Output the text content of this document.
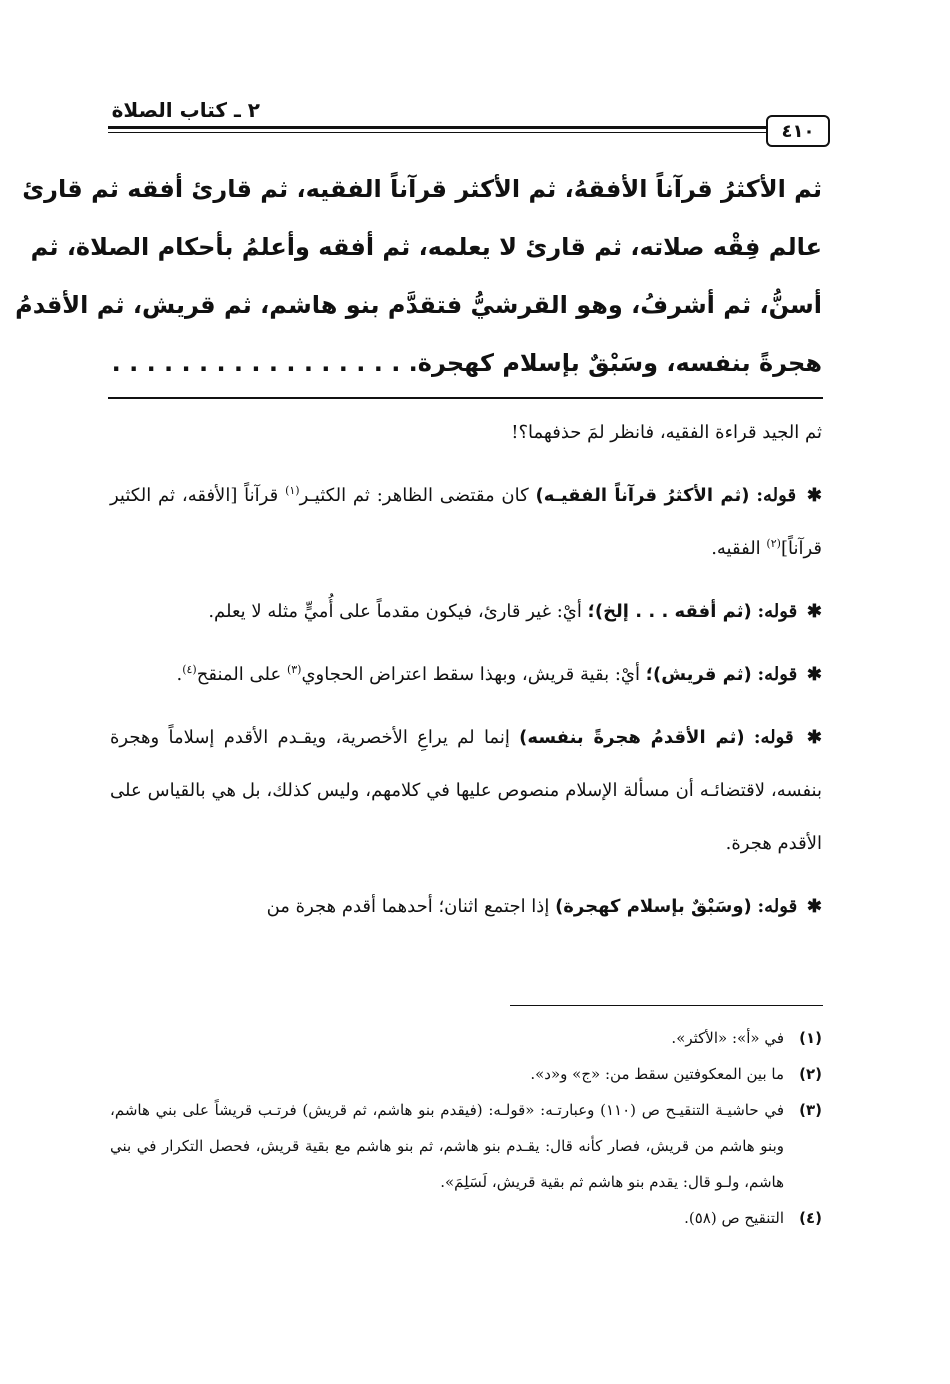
٢ ـ كتاب الصلاة
٤١٠
ثم الأكثرُ قرآناً الأفقهُ، ثم الأكثر قرآناً الفقيه، ثم قارئ أفقه ثم قارئ
عالم فِقْه صلاته، ثم قارئ لا يعلمه، ثم أفقه وأعلمُ بأحكام الصلاة، ثم
أسنُّ، ثم أشرفُ، وهو القرشيُّ فتقدَّم بنو هاشم، ثم قريش، ثم الأقدمُ
هجرةً بنفسه، وسَبْقٌ بإسلام كهجرة. . . . . . . . . . . . . . . . . .

ثم الجيد قراءة الفقيه، فانظر لمَ حذفهما؟!

✱ قوله: (ثم الأكثرُ قرآناً الفقيـه) كان مقتضى الظاهر: ثم الكثيـر$^{(١)}$ قرآناً [الأفقه، ثم الكثير قرآناً]$^{(٢)}$ الفقيه.

✱ قوله: (ثم أفقه . . . إلخ)؛ أيْ: غير قارئ، فيكون مقدماً على أُميٍّ مثله لا يعلم.

✱ قوله: (ثم قريش)؛ أيْ: بقية قريش، وبهذا سقط اعتراض الحجاوي$^{(٣)}$ على المنقح$^{(٤)}$.

✱ قوله: (ثم الأقدمُ هجرةً بنفسه) إنما لم يراعِ الأخصرية، ويقـدم الأقدم إسلاماً وهجرة بنفسه، لاقتضائـه أن مسألة الإسلام منصوص عليها في كلامهم، وليس كذلك، بل هي بالقياس على الأقدم هجرة.

✱ قوله: (وسَبْقٌ بإسلام كهجرة) إذا اجتمع اثنان؛ أحدهما أقدم هجرة من

(١)
في «أ»: «الأكثر».
(٢)
ما بين المعكوفتين سقط من: «ج» و«د».
(٣)
في حاشيـة التنقيـح ص (١١٠) وعبارتـه: «قولـه: (فيقدم بنو هاشم، ثم قريش) فرتـب قريشاً على بني هاشم، وبنو هاشم من قريش، فصار كأنه قال: يقـدم بنو هاشم، ثم بنو هاشم مع بقية قريش، فحصل التكرار في بني هاشم، ولـو قال: يقدم بنو هاشم ثم بقية قريش، لَسَلِمَ».
(٤)
التنقيح ص (٥٨).
